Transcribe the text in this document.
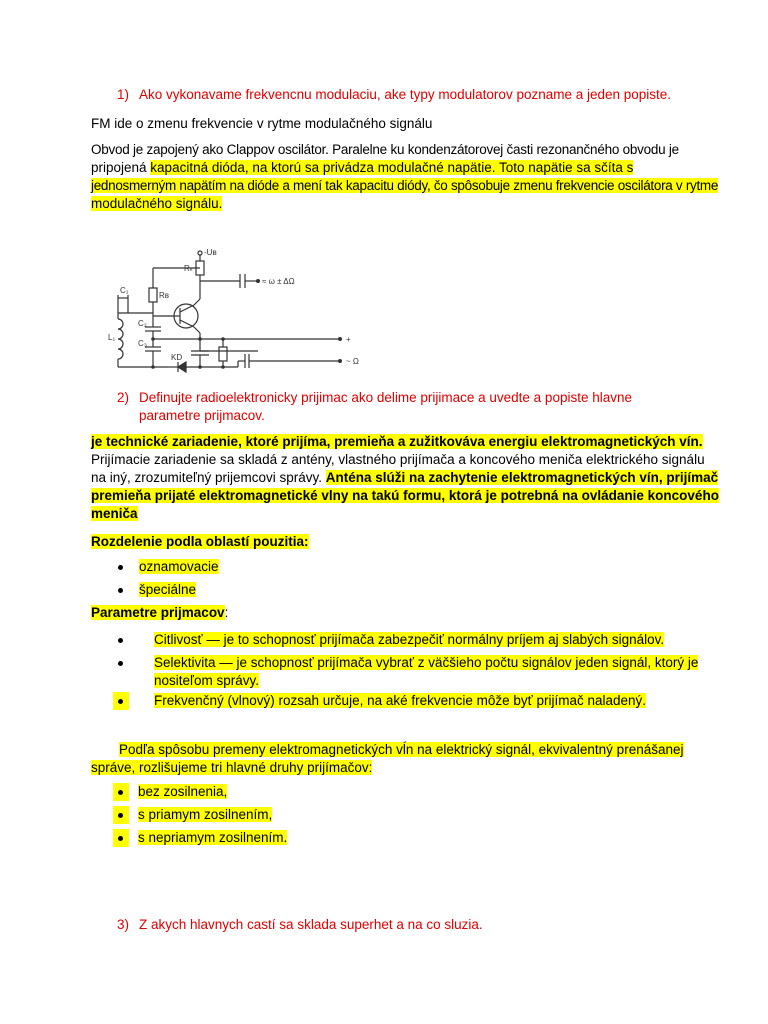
1) Ako vykonavame frekvencnu modulaciu, ake typy modulatorov pozname a jeden popiste.
FM ide o zmenu frekvencie v rytme modulačného signálu
Obvod je zapojený ako Clappov oscilátor. Paralelne ku kondenzátorovej časti rezonančného obvodu je
pripojená kapacitná dióda, na ktorú sa privádza modulačné napätie. Toto napätie sa sčíta s
jednosmerným napätím na dióde a mení tak kapacitu diódy, čo spôsobuje zmenu frekvencie oscilátora v rytme
modulačného signálu.
-Uʙ
Rₖ
Rʙ
C₁
C₂
C₃
L₁
KD
≈ ω ± ΔΩ
+
~ Ω
2) Definujte radioelektronicky prijimac ako delime prijimace a uvedte a popiste hlavne
parametre prijmacov.
je technické zariadenie, ktoré prijíma, premieňa a zužitkováva energiu elektromagnetických vín.
Prijímacie zariadenie sa skladá z antény, vlastného prijímača a koncového meniča elektrického signálu
na iný, zrozumiteľný prijemcovi správy. Anténa slúži na zachytenie elektromagnetických vín, prijímač
premieňa prijaté elektromagnetické vlny na takú formu, ktorá je potrebná na ovládanie koncového
meniča
Rozdelenie podla oblastí pouzitia:
oznamovacie
špeciálne
Parametre prijmacov:
Citlivosť — je to schopnosť prijímača zabezpečiť normálny príjem aj slabých signálov.
Selektivita — je schopnosť prijímača vybrať z väčšieho počtu signálov jeden signál, ktorý je
nositeľom správy.

Frekvenčný (vlnový) rozsah určuje, na aké frekvencie môže byť prijímač naladený.
Podľa spôsobu premeny elektromagnetických vĺn na elektrický signál, ekvivalentný prenášanej
správe, rozlišujeme tri hlavné druhy prijímačov:

bez zosilnenia,

s priamym zosilnením,

s nepriamym zosilnením.
3) Z akych hlavnych castí sa sklada superhet a na co sluzia.
